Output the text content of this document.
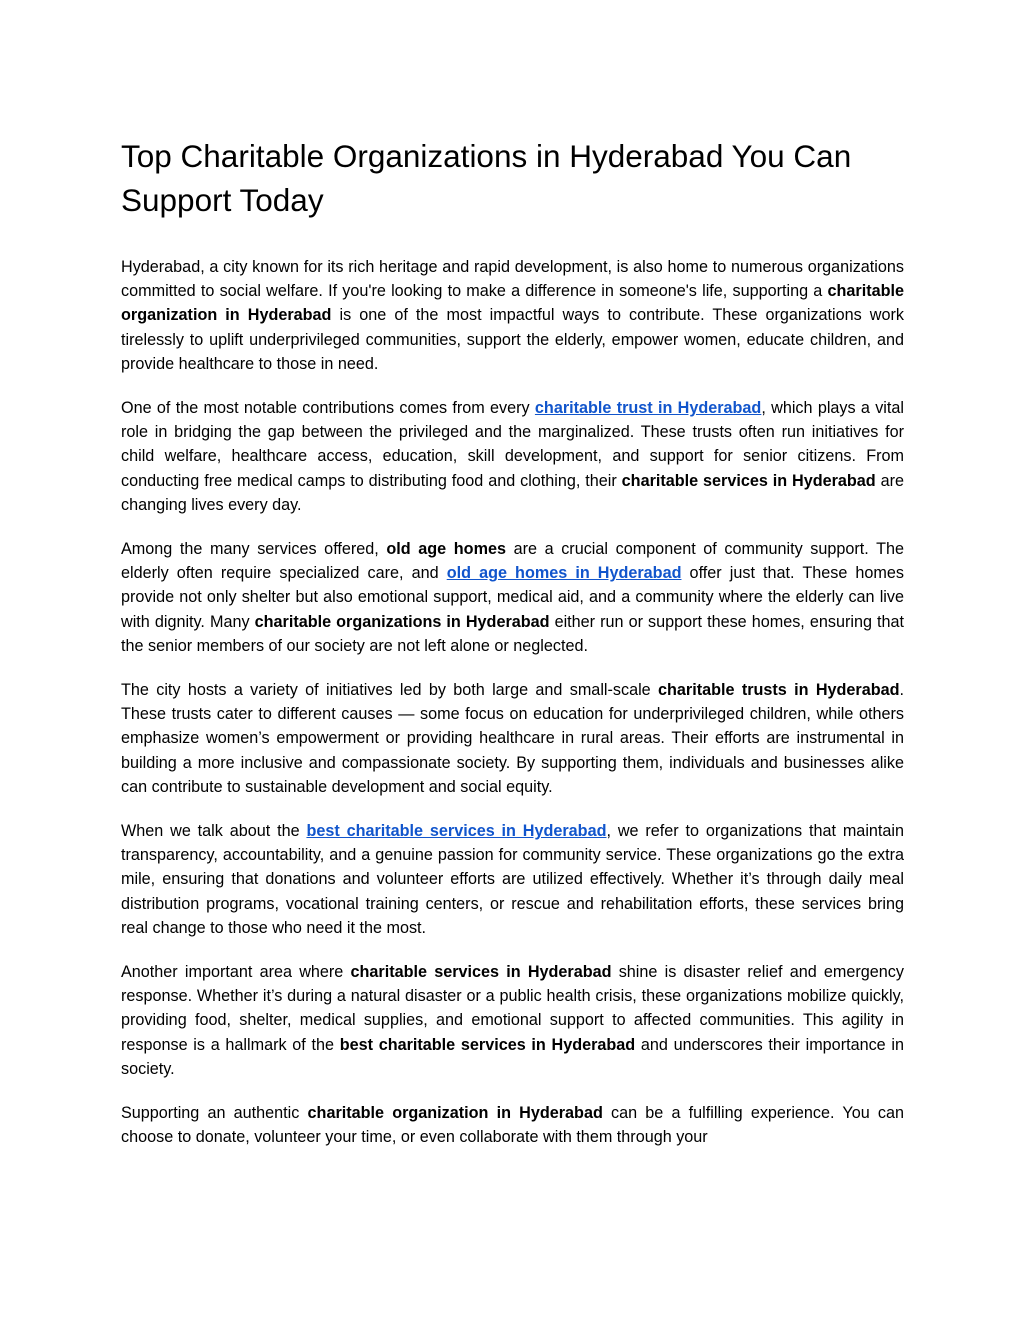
Top Charitable Organizations in Hyderabad You Can Support Today

Hyderabad, a city known for its rich heritage and rapid development, is also home to numerous organizations committed to social welfare. If you're looking to make a difference in someone's life, supporting a charitable organization in Hyderabad is one of the most impactful ways to contribute. These organizations work tirelessly to uplift underprivileged communities, support the elderly, empower women, educate children, and provide healthcare to those in need.

One of the most notable contributions comes from every charitable trust in Hyderabad, which plays a vital role in bridging the gap between the privileged and the marginalized. These trusts often run initiatives for child welfare, healthcare access, education, skill development, and support for senior citizens. From conducting free medical camps to distributing food and clothing, their charitable services in Hyderabad are changing lives every day.

Among the many services offered, old age homes are a crucial component of community support. The elderly often require specialized care, and old age homes in Hyderabad offer just that. These homes provide not only shelter but also emotional support, medical aid, and a community where the elderly can live with dignity. Many charitable organizations in Hyderabad either run or support these homes, ensuring that the senior members of our society are not left alone or neglected.

The city hosts a variety of initiatives led by both large and small-scale charitable trusts in Hyderabad. These trusts cater to different causes — some focus on education for underprivileged children, while others emphasize women’s empowerment or providing healthcare in rural areas. Their efforts are instrumental in building a more inclusive and compassionate society. By supporting them, individuals and businesses alike can contribute to sustainable development and social equity.

When we talk about the best charitable services in Hyderabad, we refer to organizations that maintain transparency, accountability, and a genuine passion for community service. These organizations go the extra mile, ensuring that donations and volunteer efforts are utilized effectively. Whether it’s through daily meal distribution programs, vocational training centers, or rescue and rehabilitation efforts, these services bring real change to those who need it the most.

Another important area where charitable services in Hyderabad shine is disaster relief and emergency response. Whether it’s during a natural disaster or a public health crisis, these organizations mobilize quickly, providing food, shelter, medical supplies, and emotional support to affected communities. This agility in response is a hallmark of the best charitable services in Hyderabad and underscores their importance in society.

Supporting an authentic charitable organization in Hyderabad can be a fulfilling experience. You can choose to donate, volunteer your time, or even collaborate with them through your
